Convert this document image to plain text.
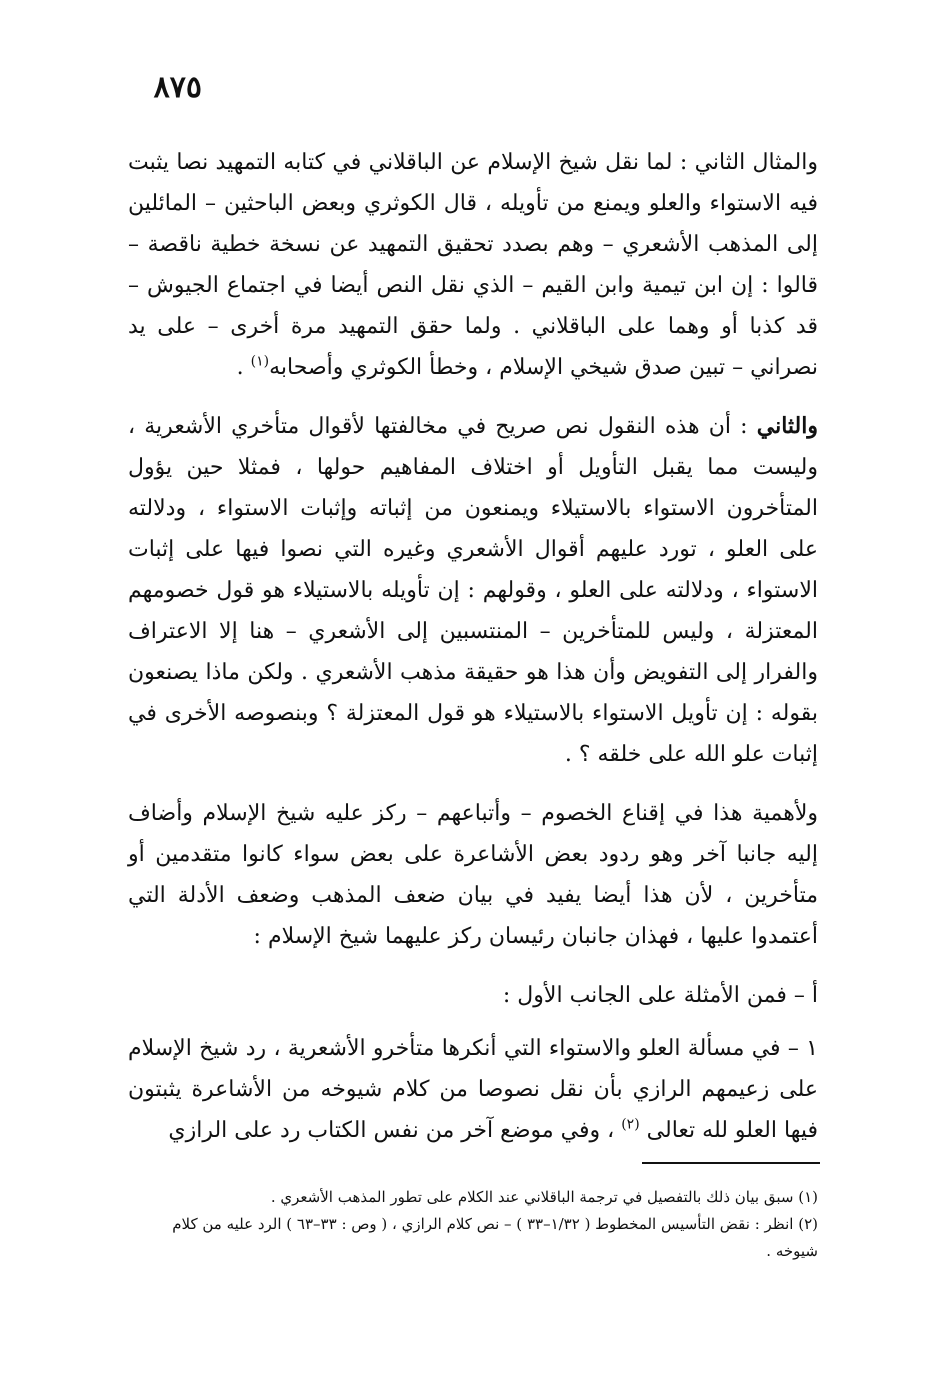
٨٧٥

والمثال الثاني : لما نقل شيخ الإسلام عن الباقلاني في كتابه التمهيد نصا يثبت فيه الاستواء والعلو ويمنع من تأويله ، قال الكوثري وبعض الباحثين – المائلين إلى المذهب الأشعري – وهم بصدد تحقيق التمهيد عن نسخة خطية ناقصة – قالوا : إن ابن تيمية وابن القيم – الذي نقل النص أيضا في اجتماع الجيوش – قد كذبا أو وهما على الباقلاني . ولما حقق التمهيد مرة أخرى – على يد نصراني – تبين صدق شيخي الإسلام ، وخطأ الكوثري وأصحابه$^{(١)}$ .

والثاني : أن هذه النقول نص صريح في مخالفتها لأقوال متأخري الأشعرية ، وليست مما يقبل التأويل أو اختلاف المفاهيم حولها ، فمثلا حين يؤول المتأخرون الاستواء بالاستيلاء ويمنعون من إثباته وإثبات الاستواء ، ودلالته على العلو ، تورد عليهم أقوال الأشعري وغيره التي نصوا فيها على إثبات الاستواء ، ودلالته على العلو ، وقولهم : إن تأويله بالاستيلاء هو قول خصومهم المعتزلة ، وليس للمتأخرين – المنتسبين إلى الأشعري – هنا إلا الاعتراف والفرار إلى التفويض وأن هذا هو حقيقة مذهب الأشعري . ولكن ماذا يصنعون بقوله : إن تأويل الاستواء بالاستيلاء هو قول المعتزلة ؟ وبنصوصه الأخرى في إثبات علو الله على خلقه ؟ .

ولأهمية هذا في إقناع الخصوم – وأتباعهم – ركز عليه شيخ الإسلام وأضاف إليه جانبا آخر وهو ردود بعض الأشاعرة على بعض سواء كانوا متقدمين أو متأخرين ، لأن هذا أيضا يفيد في بيان ضعف المذهب وضعف الأدلة التي أعتمدوا عليها ، فهذان جانبان رئيسان ركز عليهما شيخ الإسلام :

أ – فمن الأمثلة على الجانب الأول :

١ – في مسألة العلو والاستواء التي أنكرها متأخرو الأشعرية ، رد شيخ الإسلام على زعيمهم الرازي بأن نقل نصوصا من كلام شيوخه من الأشاعرة يثبتون فيها العلو لله تعالى $^{(٢)}$ ، وفي موضع آخر من نفس الكتاب رد على الرازي

(١) سبق بيان ذلك بالتفصيل في ترجمة الباقلاني عند الكلام على تطور المذهب الأشعري .

(٢) انظر : نقض التأسيس المخطوط ( ١/٣٢–٣٣ ) – نص كلام الرازي ، ( وص : ٣٣–٦٣ ) الرد عليه من كلام شيوخه .
